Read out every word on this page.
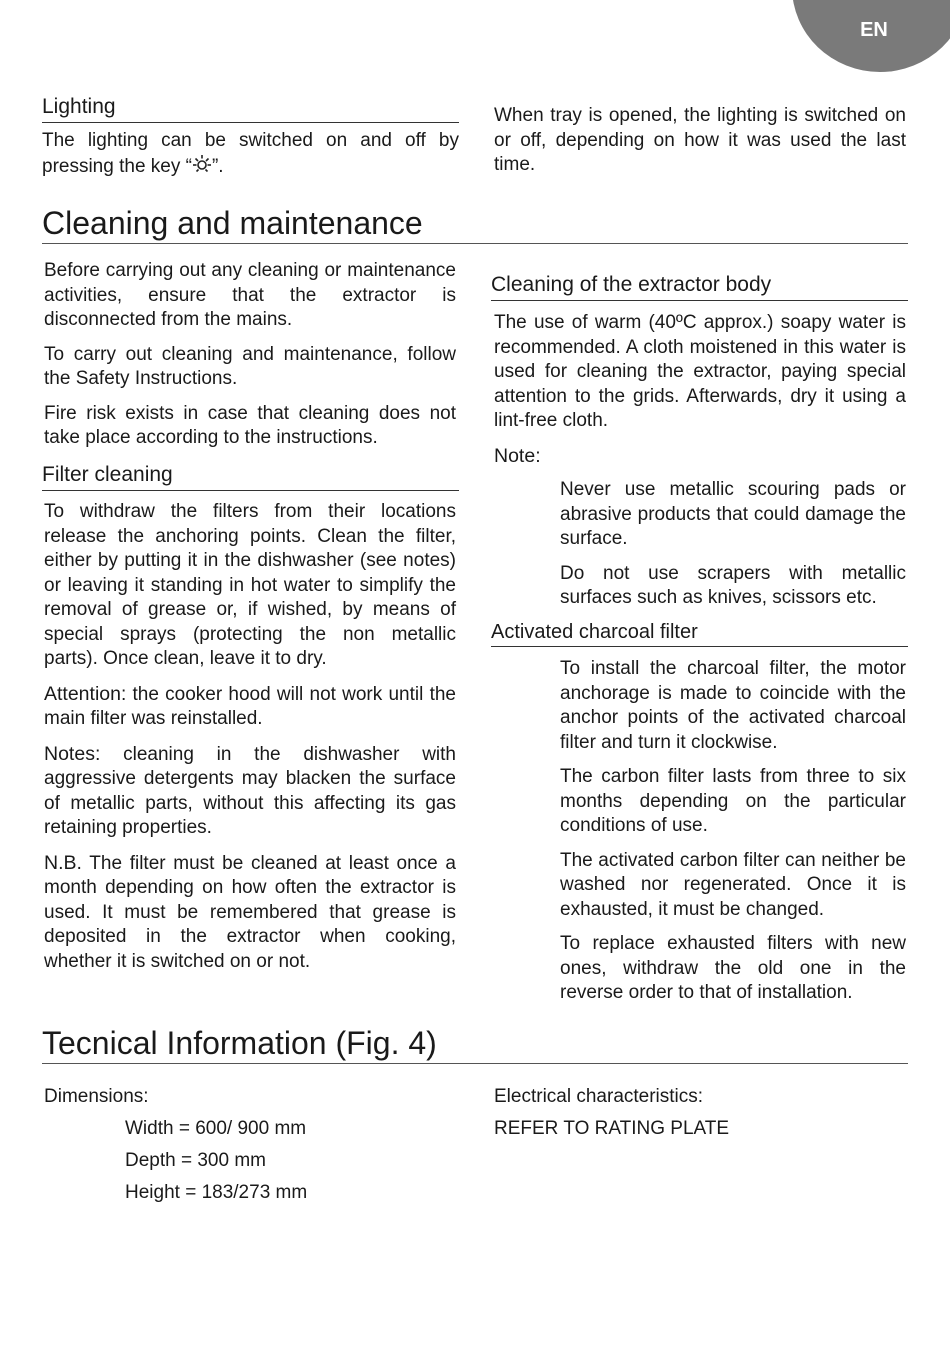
EN
Lighting

The lighting can be switched on and off by pressing the key “ ”.

When tray is opened, the lighting is switched on or off, depending on how it was used the last time.

Cleaning and maintenance

Before carrying out any cleaning or maintenance activities, ensure that the extractor is disconnected from the mains.

To carry out cleaning and maintenance, follow the Safety Instructions.

Fire risk exists in case that cleaning does not take place according to the instructions.

Filter cleaning

To withdraw the filters from their locations release the anchoring points. Clean the filter, either by putting it in the dishwasher (see notes) or leaving it standing in hot water to simplify the removal of grease or, if wished, by means of special sprays (protecting the non metallic parts). Once clean, leave it to dry.

Attention: the cooker hood will not work until the main filter was reinstalled.

Notes: cleaning in the dishwasher with aggressive detergents may blacken the surface of metallic parts, without this affecting its gas retaining properties.

N.B. The filter must be cleaned at least once a month depending on how often the extractor is used. It must be remembered that grease is deposited in the extractor when cooking, whether it is switched on or not.

Cleaning of the extractor body

The use of warm (40ºC approx.) soapy water is recommended. A cloth moistened in this water is used for cleaning the extractor, paying special attention to the grids. Afterwards, dry it using a lint-free cloth.

Note:

Never use metallic scouring pads or abrasive products that could damage the surface.

Do not use scrapers with metallic surfaces such as knives, scissors etc.

Activated charcoal filter

To install the charcoal filter, the motor anchorage is made to coincide with the anchor points of the activated charcoal filter and turn it clockwise.

The carbon filter lasts from three to six months depending on the particular conditions of use.

The activated carbon filter can neither be washed nor regenerated. Once it is exhausted, it must be changed.

To replace exhausted filters with new ones, withdraw the old one in the reverse order to that of installation.

Tecnical Information (Fig. 4)
Dimensions:
Width = 600/ 900 mm
Depth = 300 mm
Height = 183/273 mm
Electrical characteristics:
REFER TO RATING PLATE
